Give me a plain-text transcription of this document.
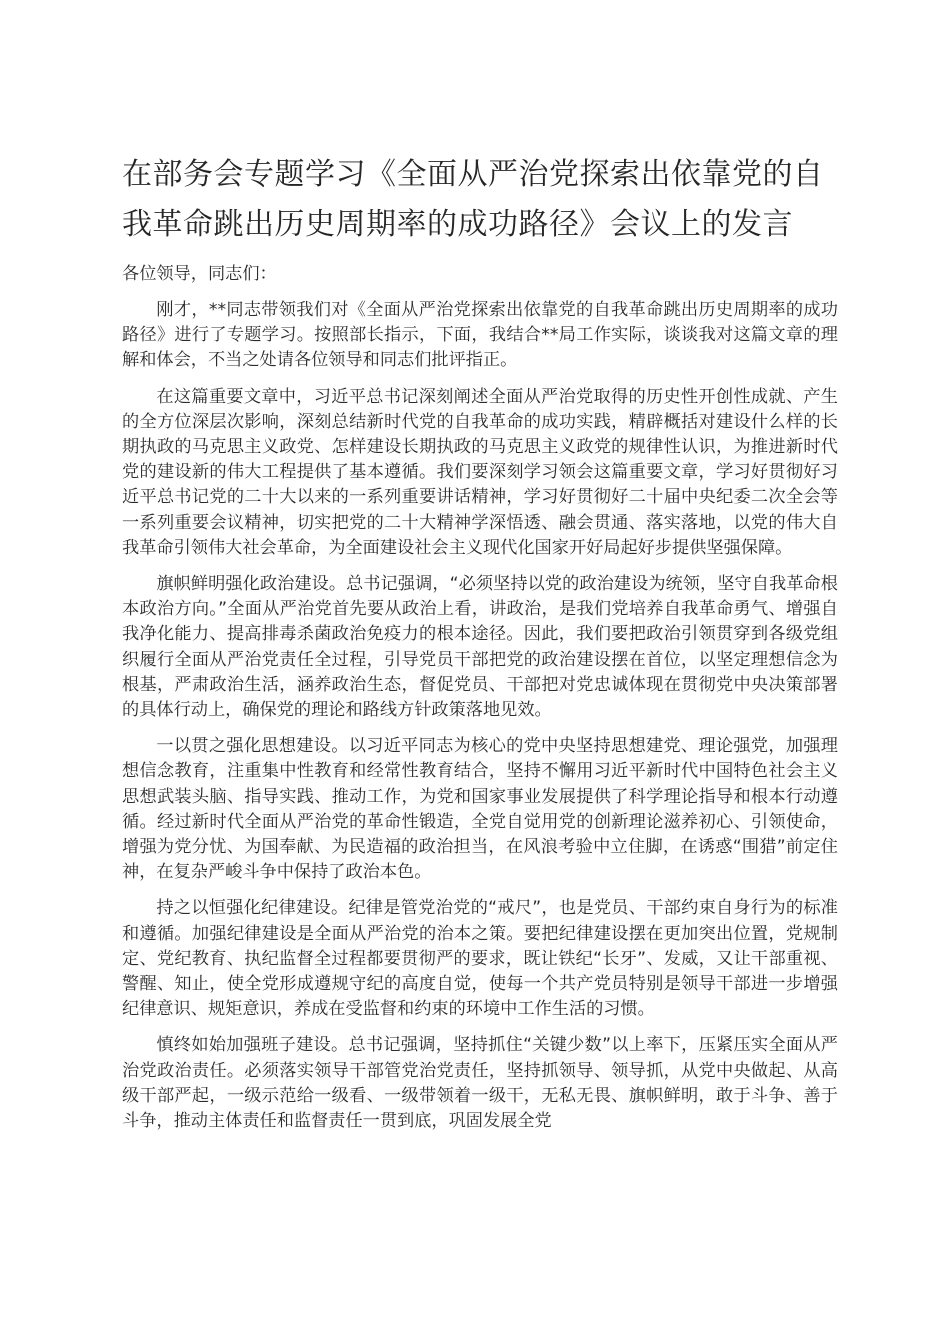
在部务会专题学习《全面从严治党探索出依靠党的自我革命跳出历史周期率的成功路径》会议上的发言

各位领导，同志们：

刚才，**同志带领我们对《全面从严治党探索出依靠党的自我革命跳出历史周期率的成功路径》进行了专题学习。按照部长指示，下面，我结合**局工作实际，谈谈我对这篇文章的理解和体会，不当之处请各位领导和同志们批评指正。

在这篇重要文章中，习近平总书记深刻阐述全面从严治党取得的历史性开创性成就、产生的全方位深层次影响，深刻总结新时代党的自我革命的成功实践，精辟概括对建设什么样的长期执政的马克思主义政党、怎样建设长期执政的马克思主义政党的规律性认识，为推进新时代党的建设新的伟大工程提供了基本遵循。我们要深刻学习领会这篇重要文章，学习好贯彻好习近平总书记党的二十大以来的一系列重要讲话精神，学习好贯彻好二十届中央纪委二次全会等一系列重要会议精神，切实把党的二十大精神学深悟透、融会贯通、落实落地，以党的伟大自我革命引领伟大社会革命，为全面建设社会主义现代化国家开好局起好步提供坚强保障。

旗帜鲜明强化政治建设。总书记强调，“必须坚持以党的政治建设为统领，坚守自我革命根本政治方向。”全面从严治党首先要从政治上看，讲政治，是我们党培养自我革命勇气、增强自我净化能力、提高排毒杀菌政治免疫力的根本途径。因此，我们要把政治引领贯穿到各级党组织履行全面从严治党责任全过程，引导党员干部把党的政治建设摆在首位，以坚定理想信念为根基，严肃政治生活，涵养政治生态，督促党员、干部把对党忠诚体现在贯彻党中央决策部署的具体行动上，确保党的理论和路线方针政策落地见效。

一以贯之强化思想建设。以习近平同志为核心的党中央坚持思想建党、理论强党，加强理想信念教育，注重集中性教育和经常性教育结合，坚持不懈用习近平新时代中国特色社会主义思想武装头脑、指导实践、推动工作，为党和国家事业发展提供了科学理论指导和根本行动遵循。经过新时代全面从严治党的革命性锻造，全党自觉用党的创新理论滋养初心、引领使命，增强为党分忧、为国奉献、为民造福的政治担当，在风浪考验中立住脚，在诱惑“围猎”前定住神，在复杂严峻斗争中保持了政治本色。

持之以恒强化纪律建设。纪律是管党治党的“戒尺”，也是党员、干部约束自身行为的标准和遵循。加强纪律建设是全面从严治党的治本之策。要把纪律建设摆在更加突出位置，党规制定、党纪教育、执纪监督全过程都要贯彻严的要求，既让铁纪“长牙”、发威，又让干部重视、警醒、知止，使全党形成遵规守纪的高度自觉，使每一个共产党员特别是领导干部进一步增强纪律意识、规矩意识，养成在受监督和约束的环境中工作生活的习惯。

慎终如始加强班子建设。总书记强调，坚持抓住“关键少数”以上率下，压紧压实全面从严治党政治责任。必须落实领导干部管党治党责任，坚持抓领导、领导抓，从党中央做起、从高级干部严起，一级示范给一级看、一级带领着一级干，无私无畏、旗帜鲜明，敢于斗争、善于斗争，推动主体责任和监督责任一贯到底，巩固发展全党
